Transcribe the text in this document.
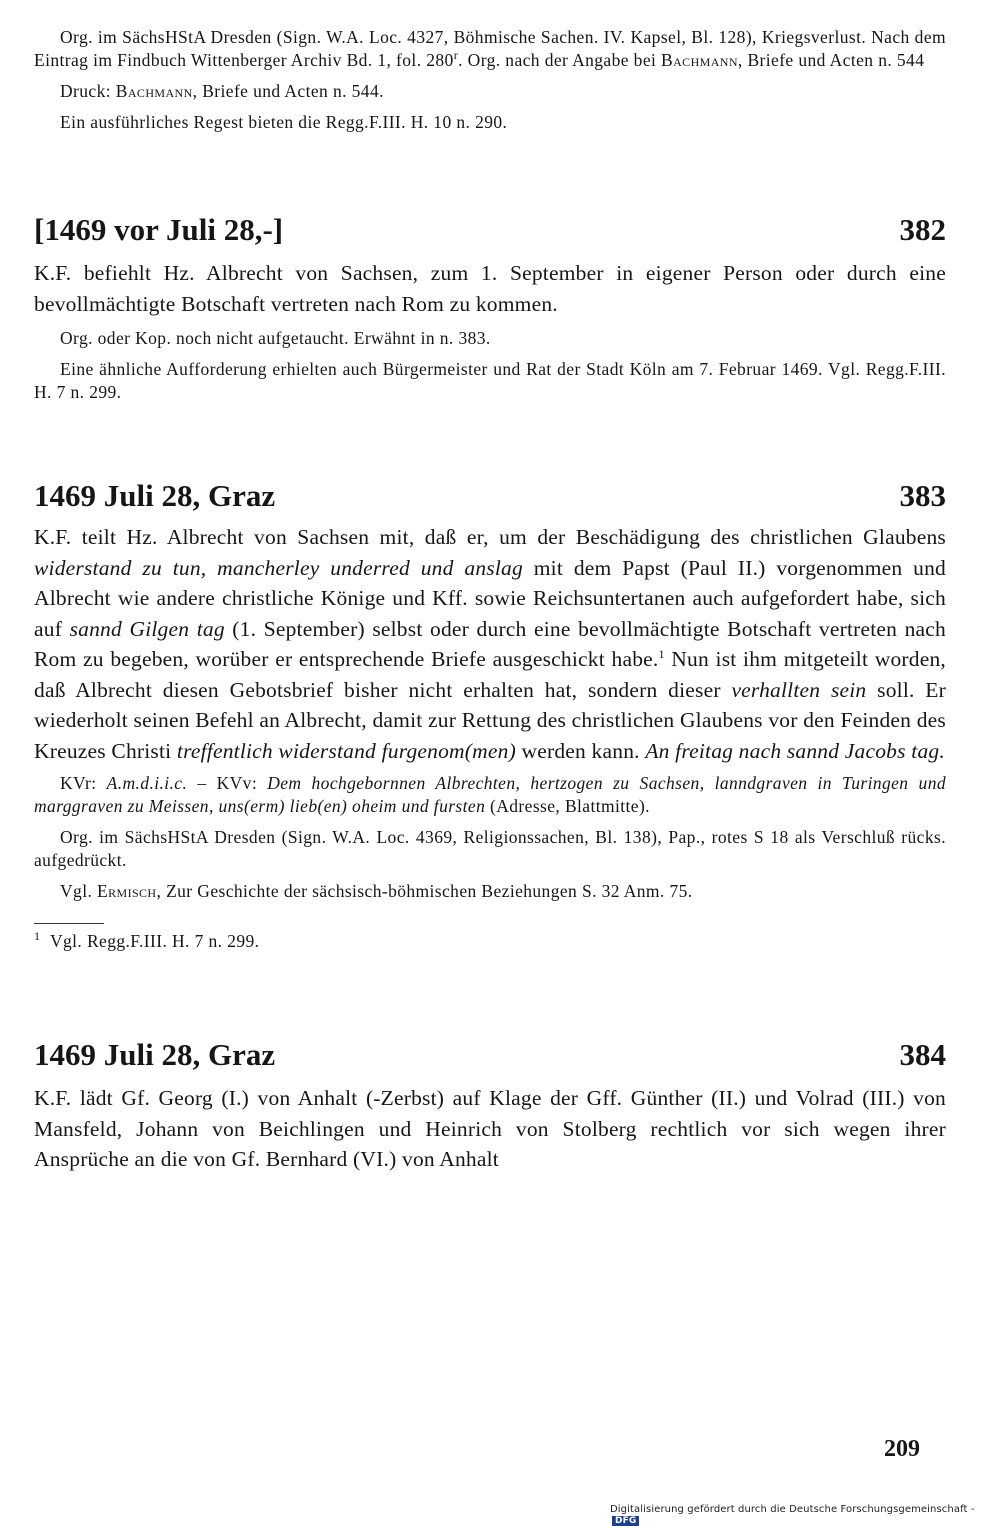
Org. im SächsHStA Dresden (Sign. W.A. Loc. 4327, Böhmische Sachen. IV. Kapsel, Bl. 128), Kriegsverlust. Nach dem Eintrag im Findbuch Wittenberger Archiv Bd. 1, fol. 280$^r$. Org. nach der Angabe bei Bachmann, Briefe und Acten n. 544

Druck: Bachmann, Briefe und Acten n. 544.

Ein ausführliches Regest bieten die Regg.F.III. H. 10 n. 290.

[1469 vor Juli 28,-]	382

K.F. befiehlt Hz. Albrecht von Sachsen, zum 1. September in eigener Person oder durch eine bevollmächtigte Botschaft vertreten nach Rom zu kommen.

Org. oder Kop. noch nicht aufgetaucht. Erwähnt in n. 383.

Eine ähnliche Aufforderung erhielten auch Bürgermeister und Rat der Stadt Köln am 7. Februar 1469. Vgl. Regg.F.III. H. 7 n. 299.

1469 Juli 28, Graz	383

K.F. teilt Hz. Albrecht von Sachsen mit, daß er, um der Beschädigung des christlichen Glaubens widerstand zu tun, mancherley underred und anslag mit dem Papst (Paul II.) vorgenommen und Albrecht wie andere christliche Könige und Kff. sowie Reichsuntertanen auch aufgefordert habe, sich auf sannd Gilgen tag (1. September) selbst oder durch eine bevollmächtigte Botschaft vertreten nach Rom zu begeben, worüber er entsprechende Briefe ausgeschickt habe.$^1$ Nun ist ihm mitgeteilt worden, daß Albrecht diesen Gebotsbrief bisher nicht erhalten hat, sondern dieser verhallten sein soll. Er wiederholt seinen Befehl an Albrecht, damit zur Rettung des christlichen Glaubens vor den Feinden des Kreuzes Christi treffentlich widerstand furgenom(men) werden kann. An freitag nach sannd Jacobs tag.

KVr: A.m.d.i.i.c. – KVv: Dem hochgebornnen Albrechten, hertzogen zu Sachsen, lanndgraven in Turingen und marggraven zu Meissen, uns(erm) lieb(en) oheim und fursten (Adresse, Blattmitte).

Org. im SächsHStA Dresden (Sign. W.A. Loc. 4369, Religionssachen, Bl. 138), Pap., rotes S 18 als Verschluß rücks. aufgedrückt.

Vgl. Ermisch, Zur Geschichte der sächsisch-böhmischen Beziehungen S. 32 Anm. 75.

$^1$ Vgl. Regg.F.III. H. 7 n. 299.

1469 Juli 28, Graz	384

K.F. lädt Gf. Georg (I.) von Anhalt (-Zerbst) auf Klage der Gff. Günther (II.) und Volrad (III.) von Mansfeld, Johann von Beichlingen und Heinrich von Stolberg rechtlich vor sich wegen ihrer Ansprüche an die von Gf. Bernhard (VI.) von Anhalt

209
Digitalisierung gefördert durch die Deutsche Forschungsgemeinschaft - DFG
